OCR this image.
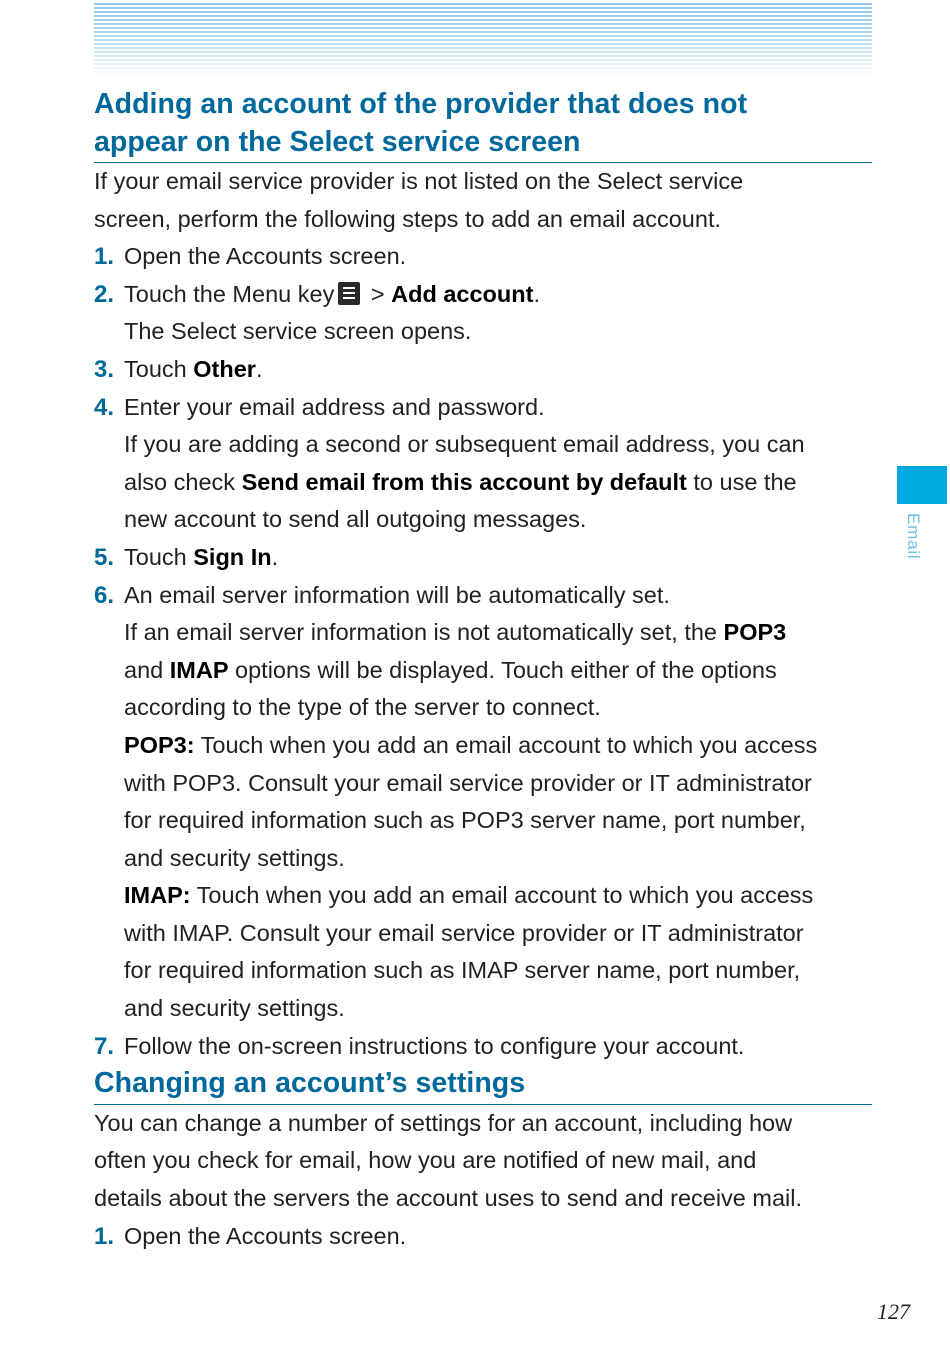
Adding an account of the provider that does not
appear on the Select service screen

If your email service provider is not listed on the Select service
screen, perform the following steps to add an email account.

1. Open the Accounts screen.
2. Touch the Menu key
> Add account.
The Select service screen opens.
3. Touch Other.
4. Enter your email address and password.
If you are adding a second or subsequent email address, you can
also check Send email from this account by default to use the
new account to send all outgoing messages.
5. Touch Sign In.
6. An email server information will be automatically set.
If an email server information is not automatically set, the POP3
and IMAP options will be displayed. Touch either of the options
according to the type of the server to connect.
POP3: Touch when you add an email account to which you access
with POP3. Consult your email service provider or IT administrator
for required information such as POP3 server name, port number,
and security settings.
IMAP: Touch when you add an email account to which you access
with IMAP. Consult your email service provider or IT administrator
for required information such as IMAP server name, port number,
and security settings.
7. Follow the on-screen instructions to configure your account.
Changing an account’s settings

You can change a number of settings for an account, including how
often you check for email, how you are notified of new mail, and
details about the servers the account uses to send and receive mail.

1. Open the Accounts screen.
Email
127
